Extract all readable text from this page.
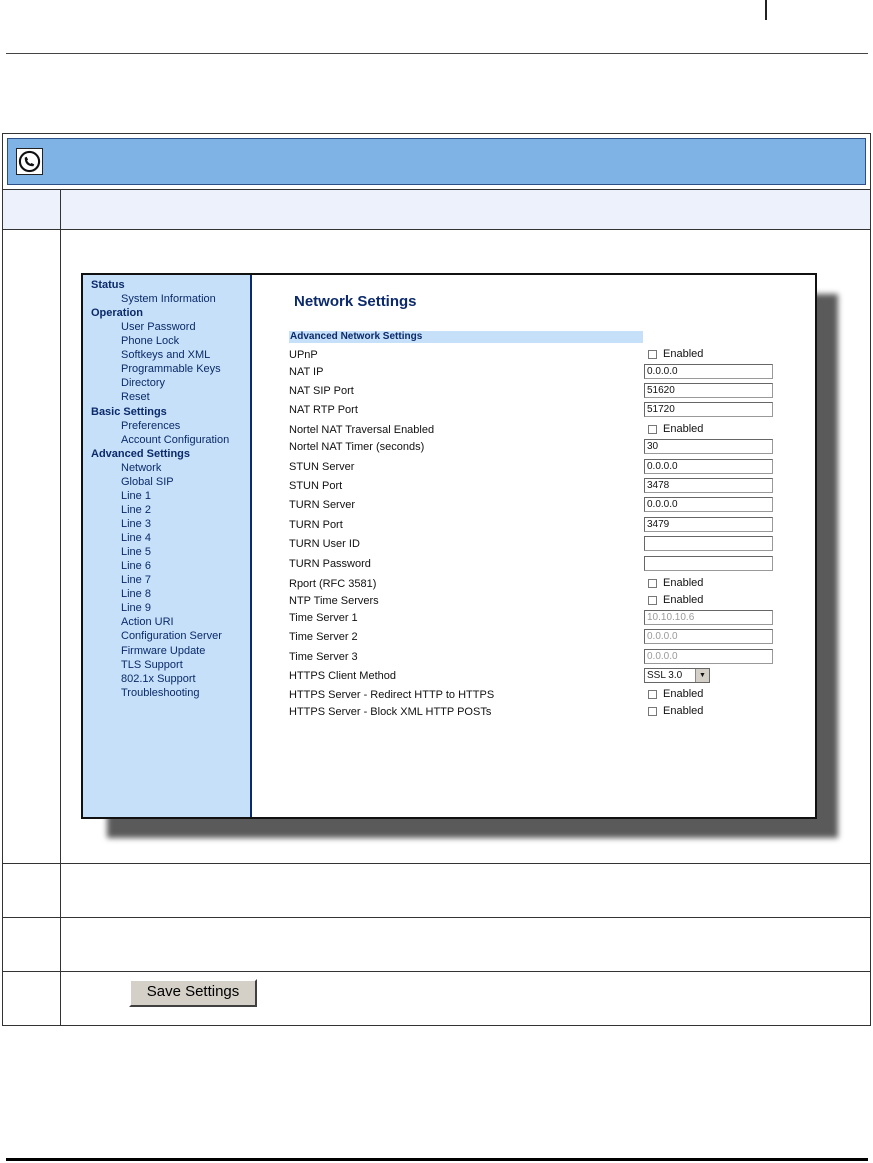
Save Settings
Status
System Information
Operation
User Password
Phone Lock
Softkeys and XML
Programmable Keys
Directory
Reset
Basic Settings
Preferences
Account Configuration
Advanced Settings
Network
Global SIP
Line 1
Line 2
Line 3
Line 4
Line 5
Line 6
Line 7
Line 8
Line 9
Action URI
Configuration Server
Firmware Update
TLS Support
802.1x Support
Troubleshooting
Network Settings
Advanced Network Settings
UPnP	Enabled
NAT IP	0.0.0.0
NAT SIP Port	51620
NAT RTP Port	51720
Nortel NAT Traversal Enabled	Enabled
Nortel NAT Timer (seconds)	30
STUN Server	0.0.0.0
STUN Port	3478
TURN Server	0.0.0.0
TURN Port	3479
TURN User ID
TURN Password
Rport (RFC 3581)	Enabled
NTP Time Servers	Enabled
Time Server 1	10.10.10.6
Time Server 2	0.0.0.0
Time Server 3	0.0.0.0
HTTPS Client Method	SSL 3.0	▼
HTTPS Server - Redirect HTTP to HTTPS	Enabled
HTTPS Server - Block XML HTTP POSTs	Enabled
